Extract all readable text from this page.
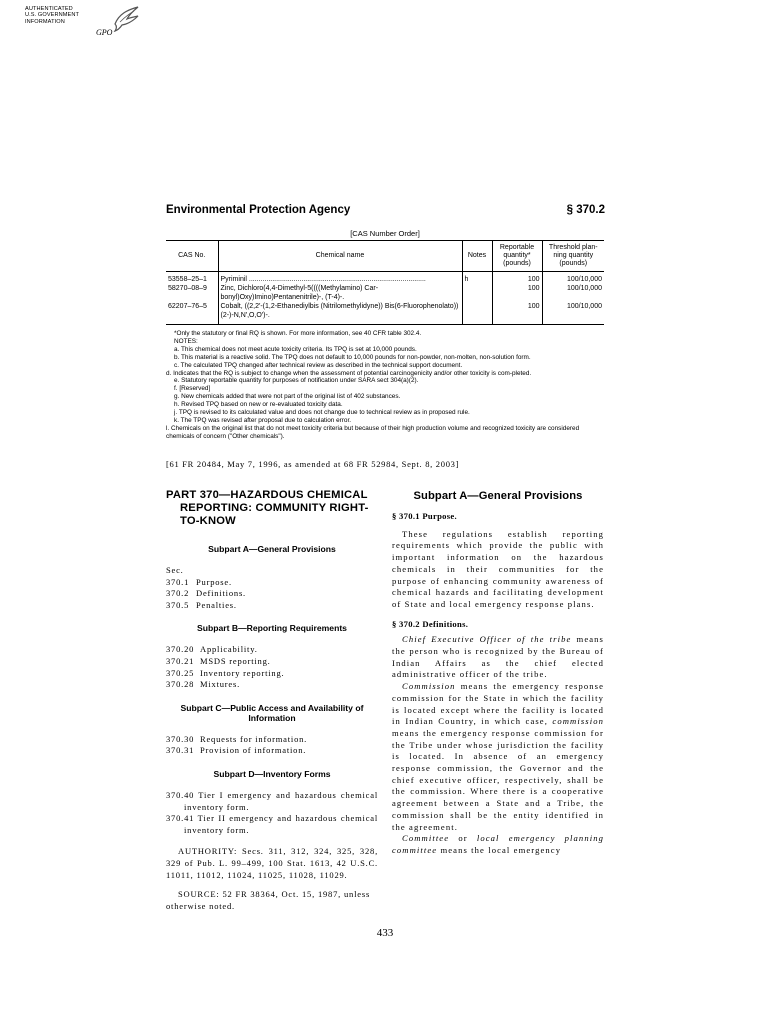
AUTHENTICATED
U.S. GOVERNMENT
INFORMATION
GPO
Environmental Protection Agency	§ 370.2
[CAS Number Order]
CAS No.	Chemical name	Notes	Reportable quantity* (pounds)	Threshold plan-ning quantity (pounds)
53558–25–1	Pyriminil ...........................................................................................	h	100	100/10,000
58270–08–9	Zinc, Dichloro(4,4-Dimethyl-5((((Methylamino) Car-bonyl)Oxy)Imino)Pentanenitrile)-, (T-4)-.		100	100/10,000
62207–76–5	Cobalt, ((2,2′-(1,2-Ethanediylbis (Nitrilomethylidyne)) Bis(6-Fluorophenolato)) (2-)-N,N′,O,O′)-.		100	100/10,000
*Only the statutory or final RQ is shown. For more information, see 40 CFR table 302.4.
NOTES:
a. This chemical does not meet acute toxicity criteria. Its TPQ is set at 10,000 pounds.
b. This material is a reactive solid. The TPQ does not default to 10,000 pounds for non-powder, non-molten, non-solution form.
c. The calculated TPQ changed after technical review as described in the technical support document.
d. Indicates that the RQ is subject to change when the assessment of potential carcinogenicity and/or other toxicity is com-pleted.
e. Statutory reportable quantity for purposes of notification under SARA sect 304(a)(2).
f. [Reserved]
g. New chemicals added that were not part of the original list of 402 substances.
h. Revised TPQ based on new or re-evaluated toxicity data.
j. TPQ is revised to its calculated value and does not change due to technical review as in proposed rule.
k. The TPQ was revised after proposal due to calculation error.
l. Chemicals on the original list that do not meet toxicity criteria but because of their high production volume and recognized toxicity are considered chemicals of concern ("Other chemicals").
[61 FR 20484, May 7, 1996, as amended at 68 FR 52984, Sept. 8, 2003]
PART 370—HAZARDOUS CHEMICAL REPORTING: COMMUNITY RIGHT-TO-KNOW
Subpart A—General Provisions
Sec.
370.1 Purpose.
370.2 Definitions.
370.5 Penalties.
Subpart B—Reporting Requirements
370.20 Applicability.
370.21 MSDS reporting.
370.25 Inventory reporting.
370.28 Mixtures.
Subpart C—Public Access and Availability of Information
370.30 Requests for information.
370.31 Provision of information.
Subpart D—Inventory Forms
370.40 Tier I emergency and hazardous chemical inventory form.
370.41 Tier II emergency and hazardous chemical inventory form.
AUTHORITY: Secs. 311, 312, 324, 325, 328, 329 of Pub. L. 99–499, 100 Stat. 1613, 42 U.S.C. 11011, 11012, 11024, 11025, 11028, 11029.
SOURCE: 52 FR 38364, Oct. 15, 1987, unless otherwise noted.
Subpart A—General Provisions
§ 370.1 Purpose.

These regulations establish reporting requirements which provide the public with important information on the hazardous chemicals in their communities for the purpose of enhancing community awareness of chemical hazards and facilitating development of State and local emergency response plans.

§ 370.2 Definitions.

Chief Executive Officer of the tribe means the person who is recognized by the Bureau of Indian Affairs as the chief elected administrative officer of the tribe.

Commission means the emergency response commission for the State in which the facility is located except where the facility is located in Indian Country, in which case, commission means the emergency response commission for the Tribe under whose jurisdiction the facility is located. In absence of an emergency response commission, the Governor and the chief executive officer, respectively, shall be the commission. Where there is a cooperative agreement between a State and a Tribe, the commission shall be the entity identified in the agreement.

Committee or local emergency planning committee means the local emergency

433
